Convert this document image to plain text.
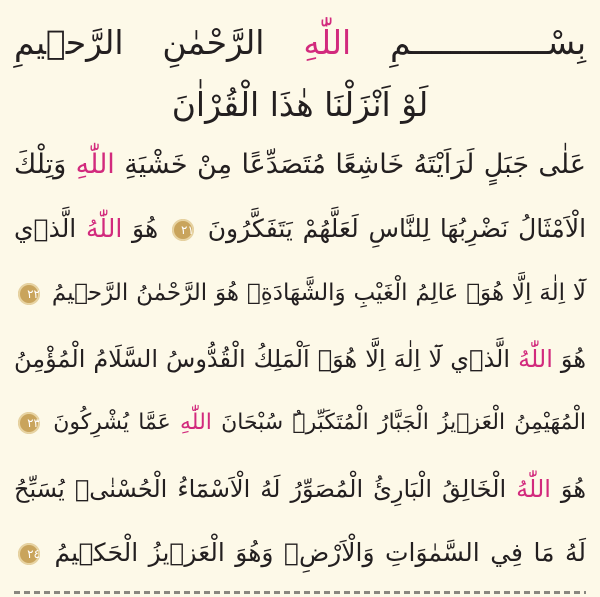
بِسْــــــــــــــمِ اللّٰهِ الرَّحْمٰنِ الرَّح۪يمِ
لَوْ اَنْزَلْنَا هٰذَا الْقُرْاٰنَ
عَلٰى جَبَلٍ لَرَاَيْتَهُ خَاشِعًا مُتَصَدِّعًا مِنْ خَشْيَةِ اللّٰهِ وَتِلْكَ
الْاَمْثَالُ نَضْرِبُهَا لِلنَّاسِ لَعَلَّهُمْ يَتَفَكَّرُونَ ٢١ هُوَ اللّٰهُ الَّذ۪ي
لَٓا اِلٰهَ اِلَّا هُوَۚ عَالِمُ الْغَيْبِ وَالشَّهَادَةِۚ هُوَ الرَّحْمٰنُ الرَّح۪يمُ ٢٢
هُوَ اللّٰهُ الَّذ۪ي لَٓا اِلٰهَ اِلَّا هُوَۚ اَلْمَلِكُ الْقُدُّوسُ السَّلَامُ الْمُؤْمِنُ
الْمُهَيْمِنُ الْعَز۪يزُ الْجَبَّارُ الْمُتَكَبِّرُۜ سُبْحَانَ اللّٰهِ عَمَّا يُشْرِكُونَ ٢٣
هُوَ اللّٰهُ الْخَالِقُ الْبَارِئُ الْمُصَوِّرُ لَهُ الْاَسْمَٓاءُ الْحُسْنٰىۜ يُسَبِّحُ
لَهُ مَا فِي السَّمٰوَاتِ وَالْاَرْضِۚ وَهُوَ الْعَز۪يزُ الْحَك۪يمُ ٢٤
